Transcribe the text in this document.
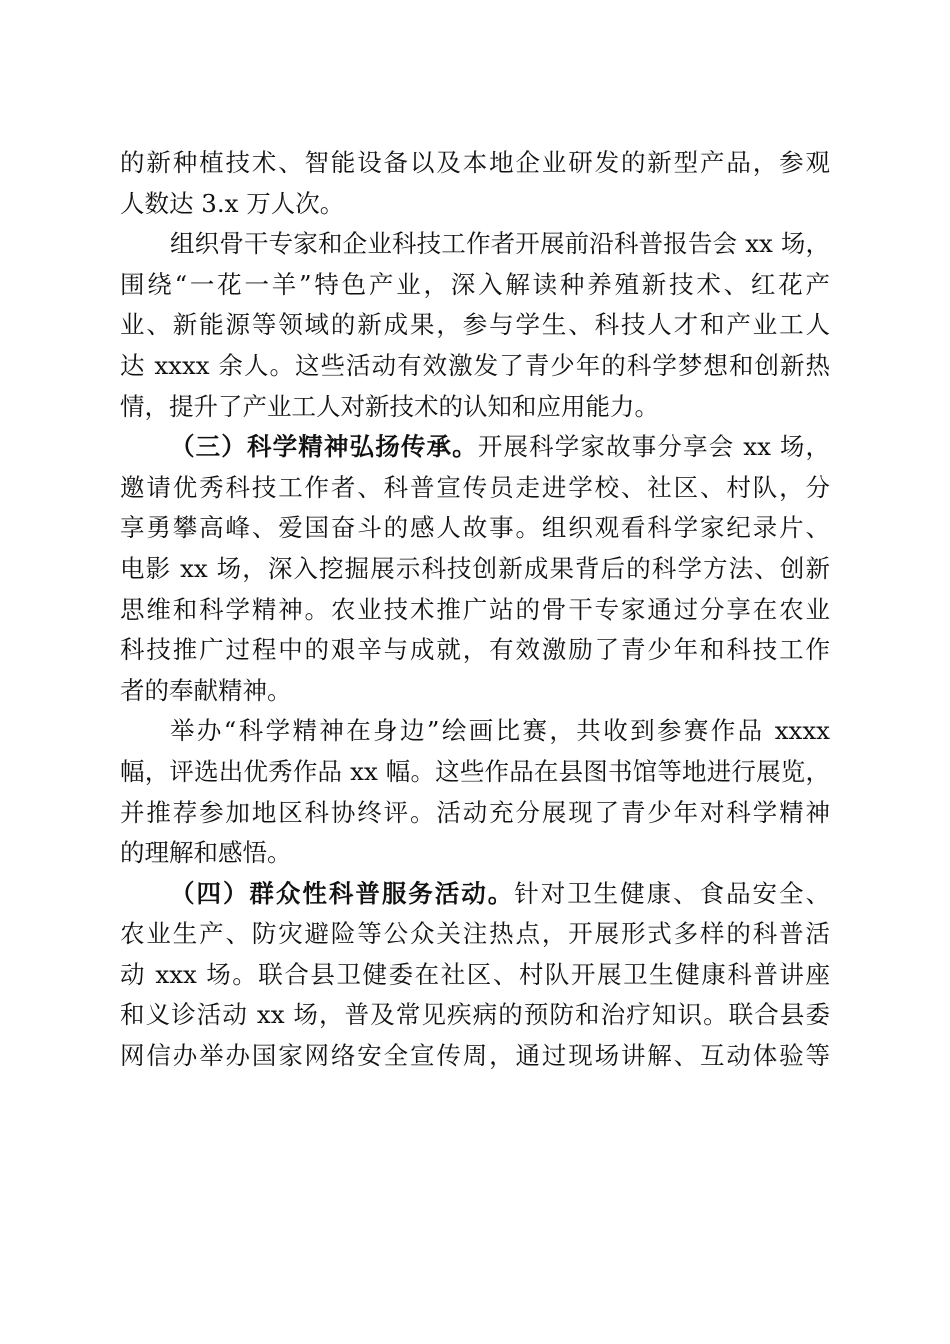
的新种植技术、智能设备以及本地企业研发的新型产品，参观
人数达 3.x 万人次。
组织骨干专家和企业科技工作者开展前沿科普报告会 xx 场，
围绕“一花一羊”特色产业，深入解读种养殖新技术、红花产
业、新能源等领域的新成果，参与学生、科技人才和产业工人
达 xxxx 余人。这些活动有效激发了青少年的科学梦想和创新热
情，提升了产业工人对新技术的认知和应用能力。
（三）科学精神弘扬传承。开展科学家故事分享会 xx 场，
邀请优秀科技工作者、科普宣传员走进学校、社区、村队，分
享勇攀高峰、爱国奋斗的感人故事。组织观看科学家纪录片、
电影 xx 场，深入挖掘展示科技创新成果背后的科学方法、创新
思维和科学精神。农业技术推广站的骨干专家通过分享在农业
科技推广过程中的艰辛与成就，有效激励了青少年和科技工作
者的奉献精神。
举办“科学精神在身边”绘画比赛，共收到参赛作品 xxxx
幅，评选出优秀作品 xx 幅。这些作品在县图书馆等地进行展览，
并推荐参加地区科协终评。活动充分展现了青少年对科学精神
的理解和感悟。
（四）群众性科普服务活动。针对卫生健康、食品安全、
农业生产、防灾避险等公众关注热点，开展形式多样的科普活
动 xxx 场。联合县卫健委在社区、村队开展卫生健康科普讲座
和义诊活动 xx 场，普及常见疾病的预防和治疗知识。联合县委
网信办举办国家网络安全宣传周，通过现场讲解、互动体验等
